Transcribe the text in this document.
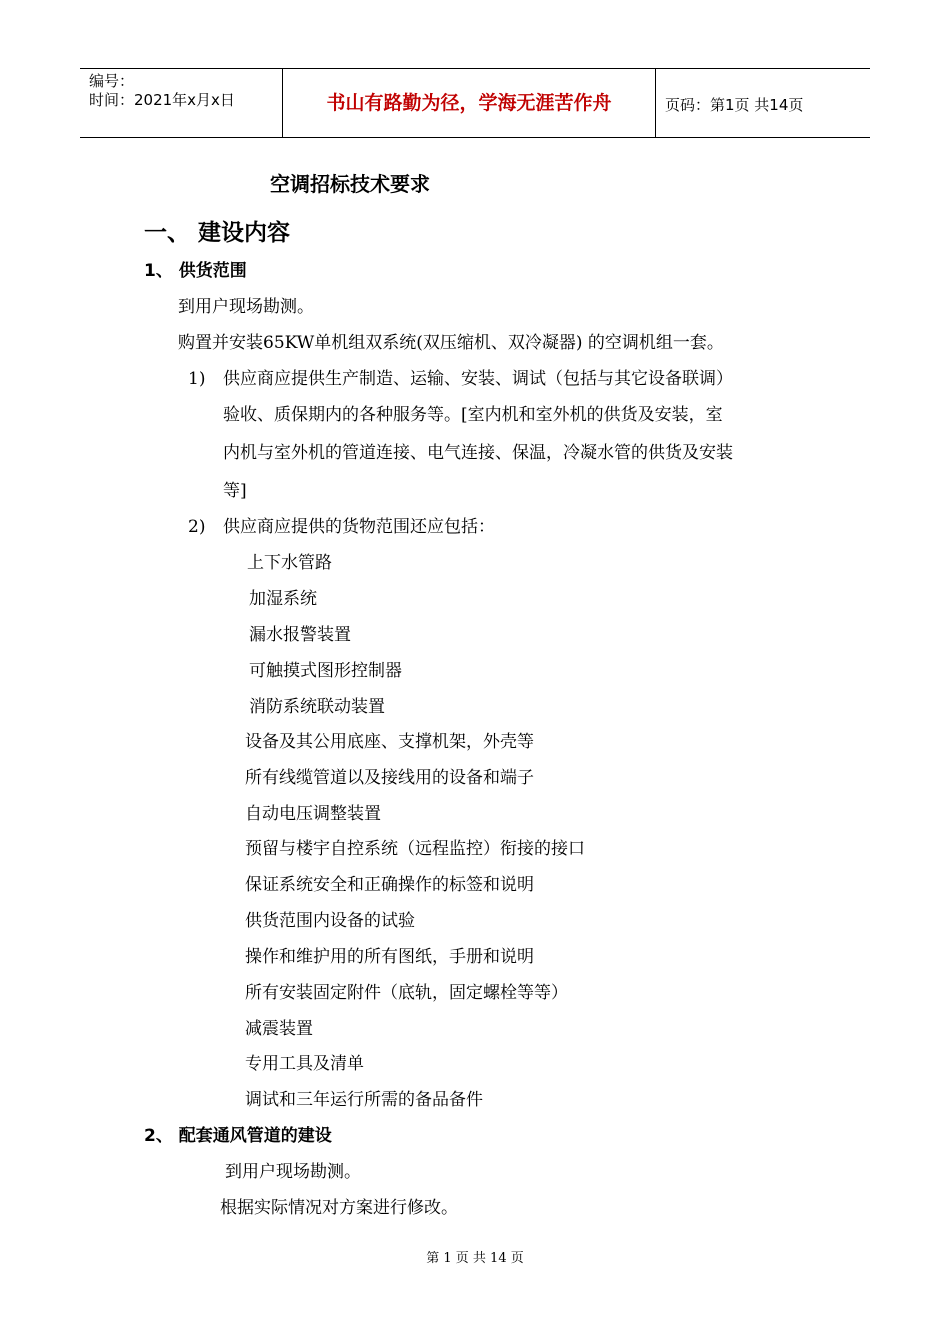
编号：
时间：2021年x月x日	书山有路勤为径，学海无涯苦作舟	页码：第1页 共14页
空调招标技术要求
一、 建设内容
1、 供货范围
到用户现场勘测。
购置并安装65KW单机组双系统(双压缩机、双冷凝器) 的空调机组一套。
1) 供应商应提供生产制造、运输、安装、调试（包括与其它设备联调）
验收、质保期内的各种服务等。[室内机和室外机的供货及安装，室
内机与室外机的管道连接、电气连接、保温，冷凝水管的供货及安装
等]
2) 供应商应提供的货物范围还应包括：
上下水管路
加湿系统
漏水报警装置
可触摸式图形控制器
消防系统联动装置
设备及其公用底座、支撑机架，外壳等
所有线缆管道以及接线用的设备和端子
自动电压调整装置
预留与楼宇自控系统（远程监控）衔接的接口
保证系统安全和正确操作的标签和说明
供货范围内设备的试验
操作和维护用的所有图纸，手册和说明
所有安装固定附件（底轨，固定螺栓等等）
减震装置
专用工具及清单
调试和三年运行所需的备品备件
2、 配套通风管道的建设
到用户现场勘测。
根据实际情况对方案进行修改。
第 1 页 共 14 页
